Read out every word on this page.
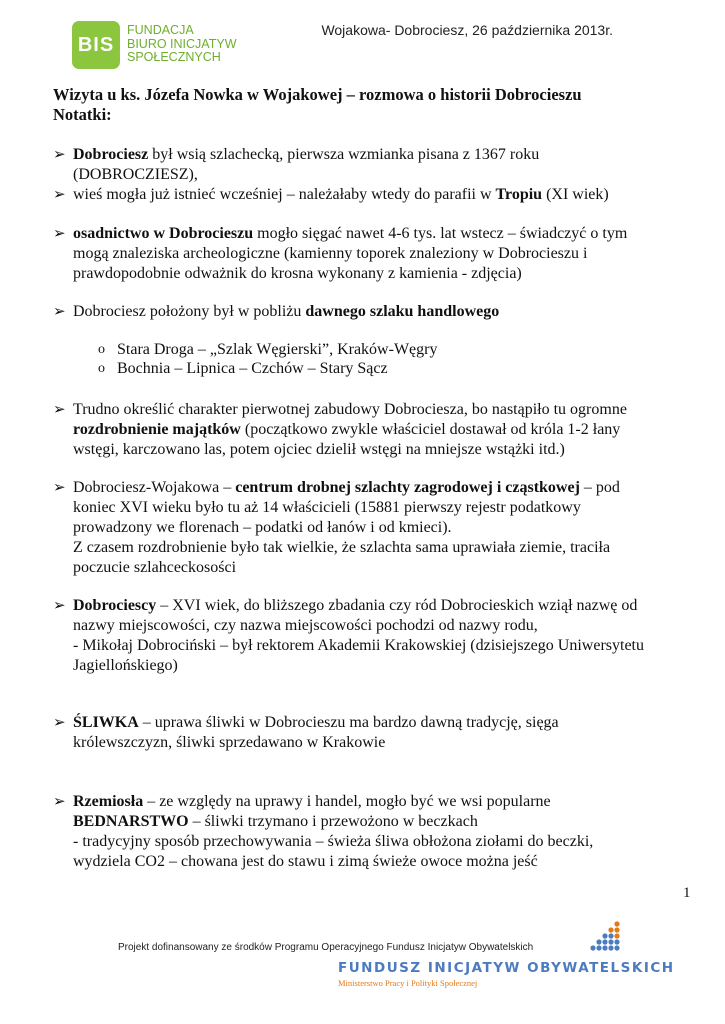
BIS
FUNDACJA
BIURO INICJATYW
SPOŁECZNYCH
Wojakowa- Dobrociesz, 26 października 2013r.
Wizyta u ks. Józefa Nowka w Wojakowej – rozmowa o historii Dobrocieszu
Notatki:
➢ Dobrociesz był wsią szlachecką, pierwsza wzmianka pisana z 1367 roku
(DOBROCZIESZ),
➢ wieś mogła już istnieć wcześniej – należałaby wtedy do parafii w Tropiu (XI wiek)
➢ osadnictwo w Dobrocieszu mogło sięgać nawet 4-6 tys. lat wstecz – świadczyć o tym
mogą znaleziska archeologiczne (kamienny toporek znaleziony w Dobrocieszu i
prawdopodobnie odważnik do krosna wykonany z kamienia - zdjęcia)
➢ Dobrociesz położony był w pobliżu dawnego szlaku handlowego
o Stara Droga – „Szlak Węgierski”, Kraków-Węgry
o Bochnia – Lipnica – Czchów – Stary Sącz
➢ Trudno określić charakter pierwotnej zabudowy Dobrociesza, bo nastąpiło tu ogromne
rozdrobnienie majątków (początkowo zwykle właściciel dostawał od króla 1-2 łany
wstęgi, karczowano las, potem ojciec dzielił wstęgi na mniejsze wstążki itd.)
➢ Dobrociesz-Wojakowa – centrum drobnej szlachty zagrodowej i cząstkowej – pod
koniec XVI wieku było tu aż 14 właścicieli (15881 pierwszy rejestr podatkowy
prowadzony we florenach – podatki od łanów i od kmieci).
Z czasem rozdrobnienie było tak wielkie, że szlachta sama uprawiała ziemie, traciła
poczucie szlahceckosości
➢ Dobrociescy – XVI wiek, do bliższego zbadania czy ród Dobrocieskich wziął nazwę od
nazwy miejscowości, czy nazwa miejscowości pochodzi od nazwy rodu,
- Mikołaj Dobrociński – był rektorem Akademii Krakowskiej (dzisiejszego Uniwersytetu
Jagiellońskiego)
➢ ŚLIWKA – uprawa śliwki w Dobrocieszu ma bardzo dawną tradycję, sięga
królewszczyzn, śliwki sprzedawano w Krakowie
➢ Rzemiosła – ze względy na uprawy i handel, mogło być we wsi popularne
BEDNARSTWO – śliwki trzymano i przewożono w beczkach
- tradycyjny sposób przechowywania – świeża śliwa obłożona ziołami do beczki,
wydziela CO2 – chowana jest do stawu i zimą świeże owoce można jeść
1
Projekt dofinansowany ze środków Programu Operacyjnego Fundusz Inicjatyw Obywatelskich
FUNDUSZ INICJATYW OBYWATELSKICH
Ministerstwo Pracy i Polityki Społecznej
